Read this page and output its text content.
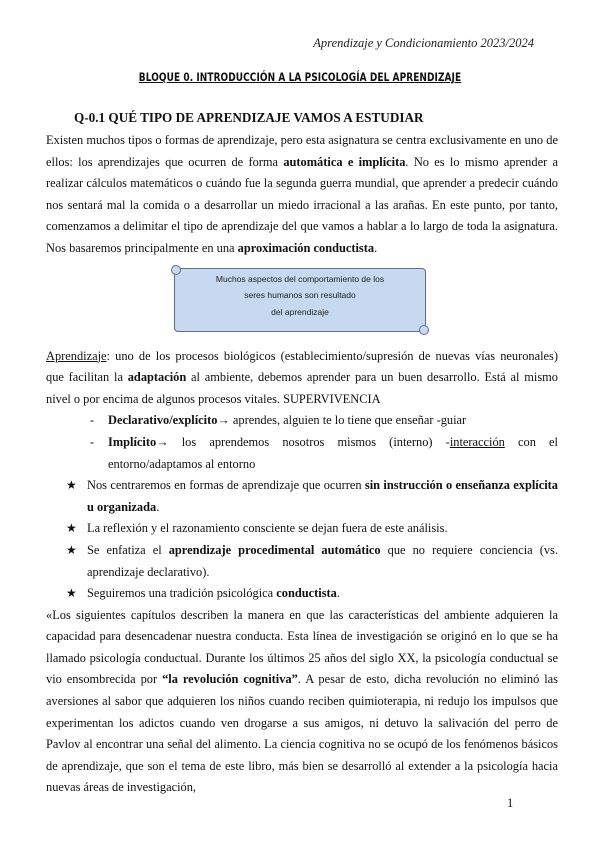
Aprendizaje y Condicionamiento 2023/2024
BLOQUE 0. INTRODUCCIÓN A LA PSICOLOGÍA DEL APRENDIZAJE
Q-0.1 QUÉ TIPO DE APRENDIZAJE VAMOS A ESTUDIAR

Existen muchos tipos o formas de aprendizaje, pero esta asignatura se centra exclusivamente en uno de ellos: los aprendizajes que ocurren de forma automática e implícita. No es lo mismo aprender a realizar cálculos matemáticos o cuándo fue la segunda guerra mundial, que aprender a predecir cuándo nos sentará mal la comida o a desarrollar un miedo irracional a las arañas. En este punto, por tanto, comenzamos a delimitar el tipo de aprendizaje del que vamos a hablar a lo largo de toda la asignatura. Nos basaremos principalmente en una aproximación conductista.

Muchos aspectos del comportamiento de los
seres humanos son resultado
del aprendizaje

Aprendizaje: uno de los procesos biológicos (establecimiento/supresión de nuevas vías neuronales) que facilitan la adaptación al ambiente, debemos aprender para un buen desarrollo. Está al mismo nivel o por encima de algunos procesos vitales. SUPERVIVENCIA

- Declarativo/explícito→ aprendes, alguien te lo tiene que enseñar -guiar
- Implícito→ los aprendemos nosotros mismos (interno) -interacción con el entorno/adaptamos al entorno
★ Nos centraremos en formas de aprendizaje que ocurren sin instrucción o enseñanza explícita u organizada.
★ La reflexión y el razonamiento consciente se dejan fuera de este análisis.
★ Se enfatiza el aprendizaje procedimental automático que no requiere conciencia (vs. aprendizaje declarativo).
★ Seguiremos una tradición psicológica conductista.

«Los siguientes capítulos describen la manera en que las características del ambiente adquieren la capacidad para desencadenar nuestra conducta. Esta línea de investigación se originó en lo que se ha llamado psicología conductual. Durante los últimos 25 años del siglo XX, la psicología conductual se vio ensombrecida por “la revolución cognitiva”. A pesar de esto, dicha revolución no eliminó las aversiones al sabor que adquieren los niños cuando reciben quimioterapia, ni redujo los impulsos que experimentan los adictos cuando ven drogarse a sus amigos, ni detuvo la salivación del perro de Pavlov al encontrar una señal del alimento. La ciencia cognitiva no se ocupó de los fenómenos básicos de aprendizaje, que son el tema de este libro, más bien se desarrolló al extender a la psicología hacia nuevas áreas de investigación,

1
